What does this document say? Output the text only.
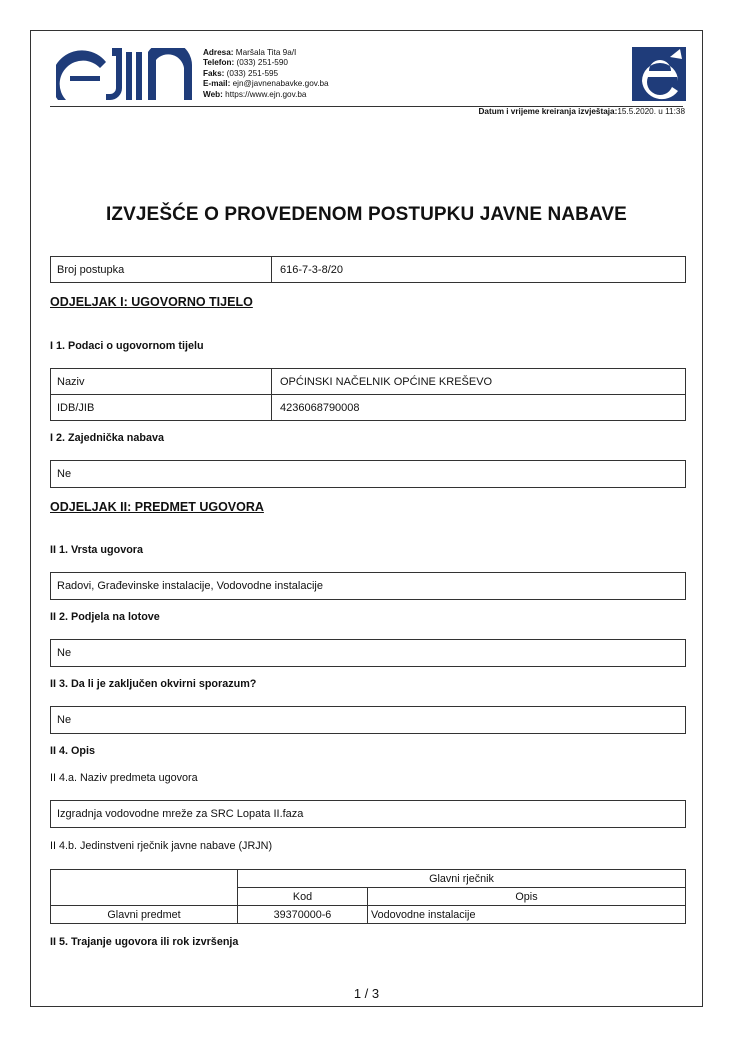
Adresa: Maršala Tita 9a/I
Telefon: (033) 251-590
Faks: (033) 251-595
E-mail: ejn@javnenabavke.gov.ba
Web: https://www.ejn.gov.ba
Datum i vrijeme kreiranja izvještaja:15.5.2020. u 11:38
IZVJEŠĆE O PROVEDENOM POSTUPKU JAVNE NABAVE
Broj postupka	616-7-3-8/20
ODJELJAK I: UGOVORNO TIJELO
I 1. Podaci o ugovornom tijelu
Naziv	OPĆINSKI NAČELNIK OPĆINE KREŠEVO
IDB/JIB	4236068790008
I 2. Zajednička nabava
Ne
ODJELJAK II: PREDMET UGOVORA
II 1. Vrsta ugovora
Radovi, Građevinske instalacije, Vodovodne instalacije
II 2. Podjela na lotove
Ne
II 3. Da li je zaključen okvirni sporazum?
Ne
II 4. Opis
II 4.a. Naziv predmeta ugovora
Izgradnja vodovodne mreže za SRC Lopata II.faza
II 4.b. Jedinstveni rječnik javne nabave (JRJN)
	Glavni rječnik	
	Kod	Opis
Glavni predmet	39370000-6	Vodovodne instalacije
II 5. Trajanje ugovora ili rok izvršenja
1 / 3
